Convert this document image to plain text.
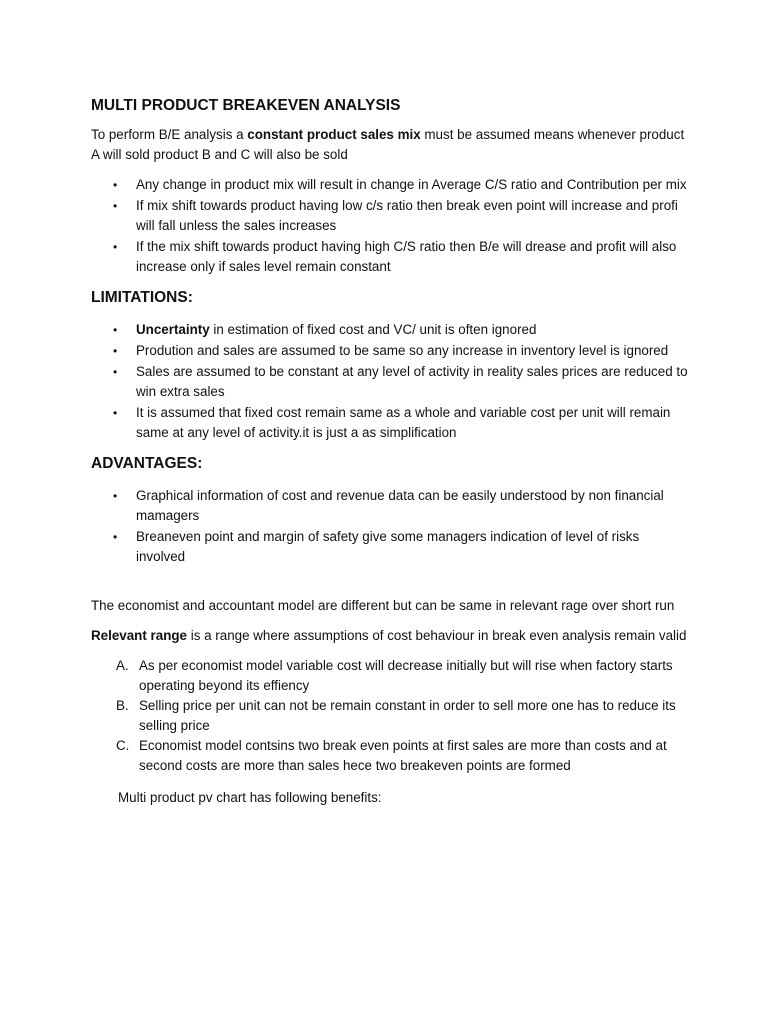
MULTI PRODUCT BREAKEVEN ANALYSIS

To perform B/E analysis a constant product sales mix must be assumed means whenever product A will sold product B and C will also be sold

• Any change in product mix will result in change in Average C/S ratio and Contribution per mix
• If mix shift towards product having low c/s ratio then break even point will increase and profi will fall unless the sales increases
• If the mix shift towards product having high C/S ratio then B/e will drease and profit will also increase only if sales level remain constant
LIMITATIONS:
• Uncertainty in estimation of fixed cost and VC/ unit is often ignored
• Prodution and sales are assumed to be same so any increase in inventory level is ignored
• Sales are assumed to be constant at any level of activity in reality sales prices are reduced to win extra sales
• It is assumed that fixed cost remain same as a whole and variable cost per unit will remain same at any level of activity.it is just a as simplification
ADVANTAGES:
• Graphical information of cost and revenue data can be easily understood by non financial mamagers
• Breaneven point and margin of safety give some managers indication of level of risks involved

The economist and accountant model are different but can be same in relevant rage over short run

Relevant range is a range where assumptions of cost behaviour in break even analysis remain valid

A. As per economist model variable cost will decrease initially but will rise when factory starts operating beyond its effiency
B. Selling price per unit can not be remain constant in order to sell more one has to reduce its selling price
C. Economist model contsins two break even points at first sales are more than costs and at second costs are more than sales hece two breakeven points are formed
Multi product pv chart has following benefits:
